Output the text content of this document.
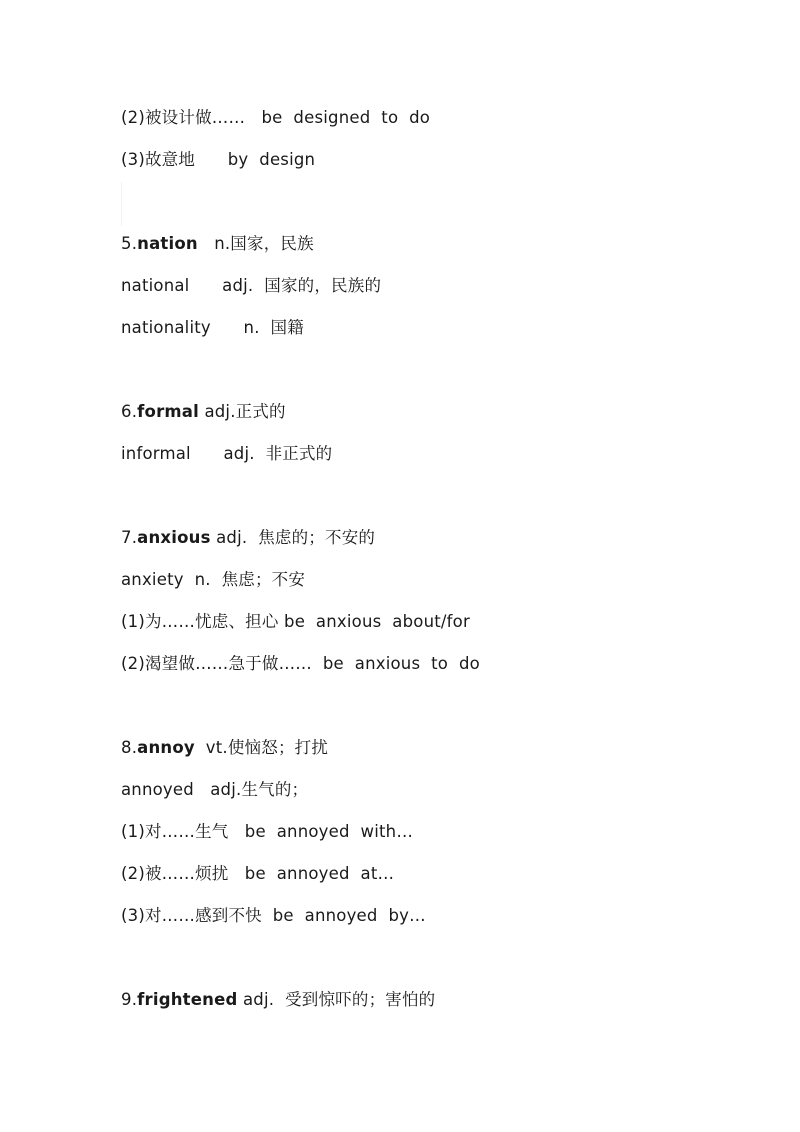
(2)被设计做……   be  designed  to  do
(3)故意地      by  design
5.nation   n.国家，民族
national      adj.  国家的，民族的
nationality      n.  国籍
6.formal adj.正式的
informal      adj.  非正式的
7.anxious adj.  焦虑的；不安的
anxiety  n.  焦虑；不安
(1)为……忧虑、担心 be  anxious  about/for
(2)渴望做……急于做……  be  anxious  to  do
8.annoy  vt.使恼怒；打扰
annoyed   adj.生气的；
(1)对……生气   be  annoyed  with…
(2)被……烦扰   be  annoyed  at…
(3)对……感到不快  be  annoyed  by…
9.frightened adj.  受到惊吓的；害怕的
